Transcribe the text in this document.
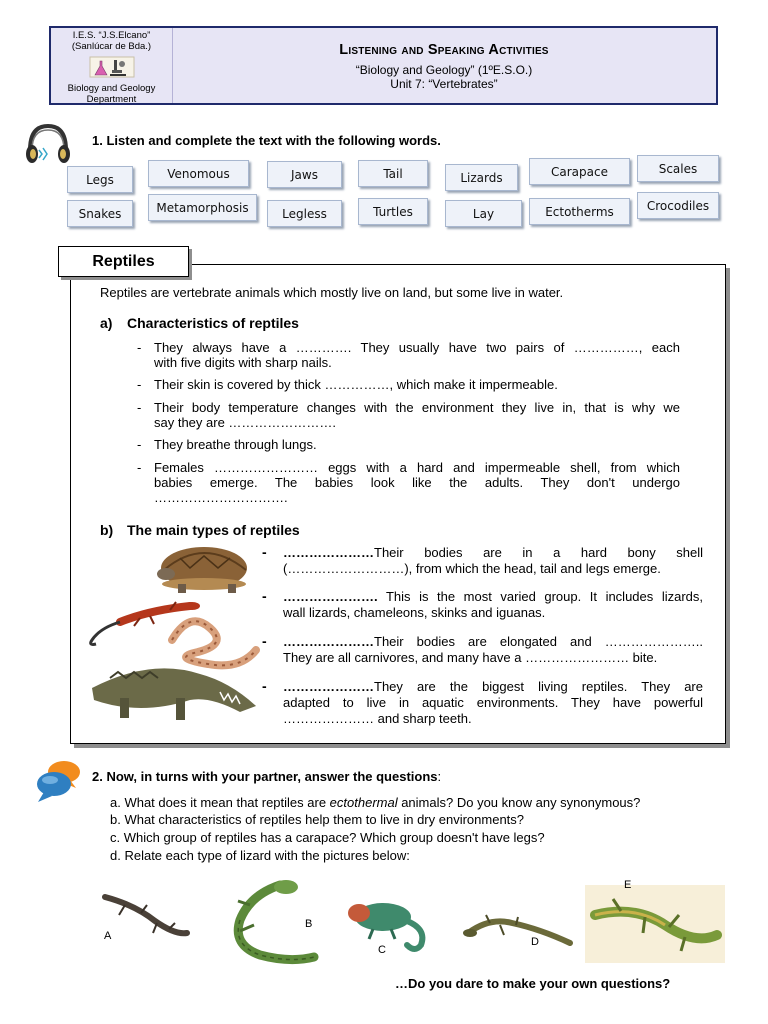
I.E.S. “J.S.Elcano”
(Sanlúcar de Bda.)
Biology and Geology
Department
Listening and Speaking Activities
“Biology and Geology” (1ºE.S.O.)
Unit 7: “Vertebrates”
1. Listen and complete the text with the following words.
Legs	Venomous	Jaws	Tail	Lizards	Carapace	Scales
Snakes	Metamorphosis	Legless	Turtles	Lay	Ectotherms	Crocodiles
Reptiles
Reptiles are vertebrate animals which mostly live on land, but some live in water.
a) Characteristics of reptiles
- They always have a …………. They usually have two pairs of ……………, each
with five digits with sharp nails.
- Their skin is covered by thick ……………, which make it impermeable.
- Their body temperature changes with the environment they live in, that is why we
say they are …………………….
- They breathe through lungs.
- Females …………………… eggs with a hard and impermeable shell, from which
babies emerge. The babies look like the adults. They don't undergo
………………………….
b) The main types of reptiles
- …………………Their bodies are in a hard bony shell
(………………………), from which the head, tail and legs emerge.
- …………………. This is the most varied group. It includes lizards,
wall lizards, chameleons, skinks and iguanas.
- …………………Their bodies are elongated and …………………..
They are all carnivores, and many have a …………………… bite.
- …………………They are the biggest living reptiles. They are
adapted to live in aquatic environments. They have powerful
………………… and sharp teeth.
2. Now, in turns with your partner, answer the questions:
a. What does it mean that reptiles are ectothermal animals? Do you know any synonymous?
b. What characteristics of reptiles help them to live in dry environments?
c. Which group of reptiles has a carapace? Which group doesn't have legs?
d. Relate each type of lizard with the pictures below:
A
B
C
D
E
…Do you dare to make your own questions?
